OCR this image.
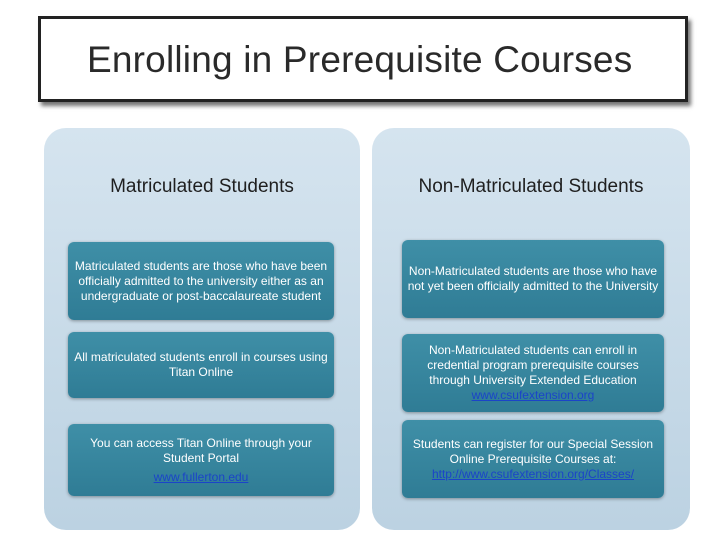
Enrolling in Prerequisite Courses
Matriculated Students
Matriculated students are those who have been officially admitted to the university either as an undergraduate or post-baccalaureate student
All matriculated students enroll in courses using Titan Online
You can access Titan Online through your Student Portal
www.fullerton.edu
Non-Matriculated Students
Non-Matriculated students are those who have not yet been officially admitted to the University
Non-Matriculated students can enroll in credential program prerequisite courses through University Extended Education
www.csufextension.org
Students can register for our Special Session Online Prerequisite Courses at:
http://www.csufextension.org/Classes/
